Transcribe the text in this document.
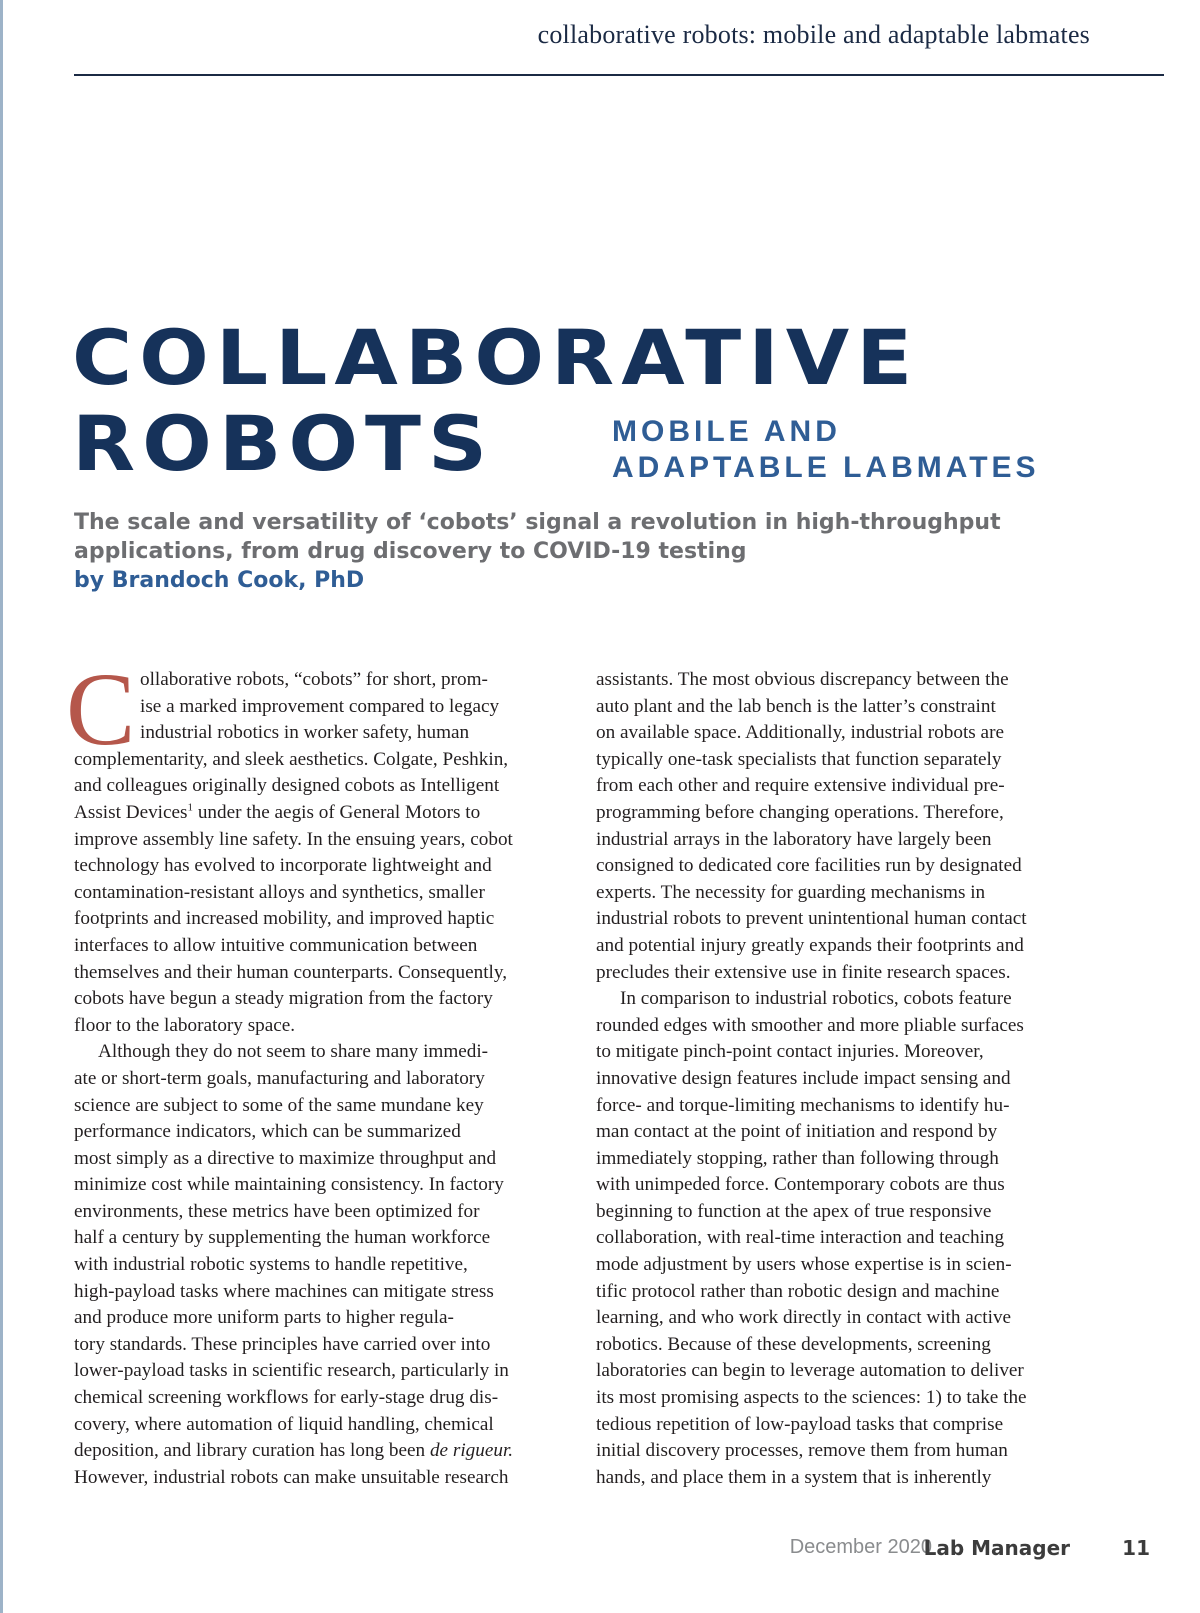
collaborative robots: mobile and adaptable labmates
COLLABORATIVE
ROBOTS	MOBILE AND
ADAPTABLE LABMATES
The scale and versatility of ‘cobots’ signal a revolution in high-throughput applications, from drug discovery to COVID-19 testing
by Brandoch Cook, PhD
C ollaborative robots, “cobots” for short, prom-
ise a marked improvement compared to legacy
industrial robotics in worker safety, human
complementarity, and sleek aesthetics. Colgate, Peshkin,
and colleagues originally designed cobots as Intelligent
Assist Devices$^1$ under the aegis of General Motors to
improve assembly line safety. In the ensuing years, cobot
technology has evolved to incorporate lightweight and
contamination-resistant alloys and synthetics, smaller
footprints and increased mobility, and improved haptic
interfaces to allow intuitive communication between
themselves and their human counterparts. Consequently,
cobots have begun a steady migration from the factory
floor to the laboratory space.
Although they do not seem to share many immedi-
ate or short-term goals, manufacturing and laboratory
science are subject to some of the same mundane key
performance indicators, which can be summarized
most simply as a directive to maximize throughput and
minimize cost while maintaining consistency. In factory
environments, these metrics have been optimized for
half a century by supplementing the human workforce
with industrial robotic systems to handle repetitive,
high-payload tasks where machines can mitigate stress
and produce more uniform parts to higher regula-
tory standards. These principles have carried over into
lower-payload tasks in scientific research, particularly in
chemical screening workflows for early-stage drug dis-
covery, where automation of liquid handling, chemical
deposition, and library curation has long been de rigueur.
However, industrial robots can make unsuitable research
assistants. The most obvious discrepancy between the
auto plant and the lab bench is the latter’s constraint
on available space. Additionally, industrial robots are
typically one-task specialists that function separately
from each other and require extensive individual pre-
programming before changing operations. Therefore,
industrial arrays in the laboratory have largely been
consigned to dedicated core facilities run by designated
experts. The necessity for guarding mechanisms in
industrial robots to prevent unintentional human contact
and potential injury greatly expands their footprints and
precludes their extensive use in finite research spaces.
In comparison to industrial robotics, cobots feature
rounded edges with smoother and more pliable surfaces
to mitigate pinch-point contact injuries. Moreover,
innovative design features include impact sensing and
force- and torque-limiting mechanisms to identify hu-
man contact at the point of initiation and respond by
immediately stopping, rather than following through
with unimpeded force. Contemporary cobots are thus
beginning to function at the apex of true responsive
collaboration, with real-time interaction and teaching
mode adjustment by users whose expertise is in scien-
tific protocol rather than robotic design and machine
learning, and who work directly in contact with active
robotics. Because of these developments, screening
laboratories can begin to leverage automation to deliver
its most promising aspects to the sciences: 1) to take the
tedious repetition of low-payload tasks that comprise
initial discovery processes, remove them from human
hands, and place them in a system that is inherently
December 2020
Lab Manager	11
